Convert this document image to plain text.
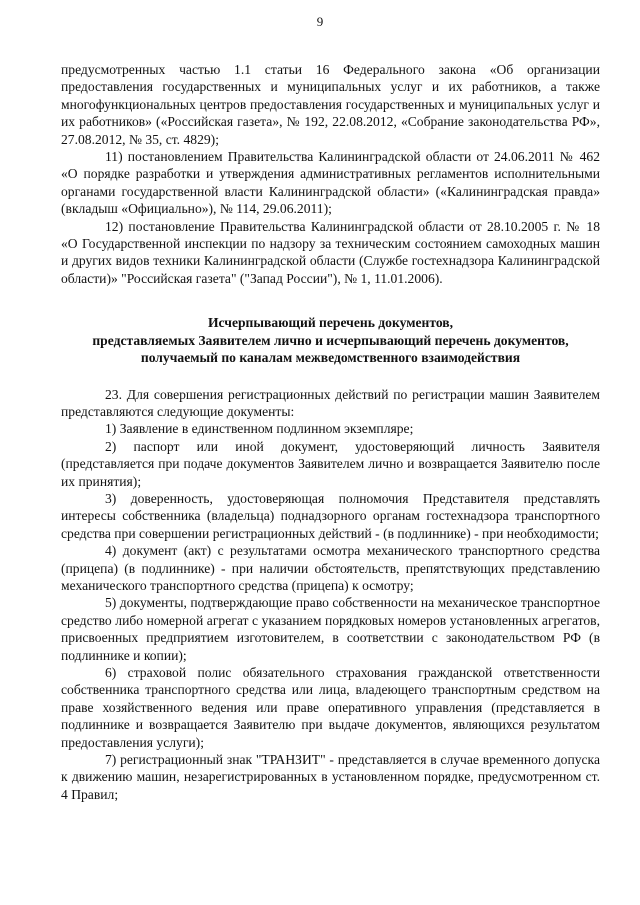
9

предусмотренных частью 1.1 статьи 16 Федерального закона «Об организации предоставления государственных и муниципальных услуг и их работников, а также многофункциональных центров предоставления государственных и муниципальных услуг и их работников» («Российская газета», № 192, 22.08.2012, «Собрание законодательства РФ», 27.08.2012, № 35, ст. 4829);

11) постановлением Правительства Калининградской области от 24.06.2011 № 462 «О порядке разработки и утверждения административных регламентов исполнительными органами государственной власти Калининградской области» («Калининградская правда» (вкладыш «Официально»), № 114, 29.06.2011);

12) постановление Правительства Калининградской области от 28.10.2005 г. № 18 «О Государственной инспекции по надзору за техническим состоянием самоходных машин и других видов техники Калининградской области (Службе гостехнадзора Калининградской области)» "Российская газета" ("Запад России"), № 1, 11.01.2006).

Исчерпывающий перечень документов,
представляемых Заявителем лично и исчерпывающий перечень документов,
получаемый по каналам межведомственного взаимодействия

23. Для совершения регистрационных действий по регистрации машин Заявителем представляются следующие документы:

1) Заявление в единственном подлинном экземпляре;

2) паспорт или иной документ, удостоверяющий личность Заявителя (представляется при подаче документов Заявителем лично и возвращается Заявителю после их принятия);

3) доверенность, удостоверяющая полномочия Представителя представлять интересы собственника (владельца) поднадзорного органам гостехнадзора транспортного средства при совершении регистрационных действий - (в подлиннике) - при необходимости;

4) документ (акт) с результатами осмотра механического транспортного средства (прицепа) (в подлиннике) - при наличии обстоятельств, препятствующих представлению механического транспортного средства (прицепа) к осмотру;

5) документы, подтверждающие право собственности на механическое транспортное средство либо номерной агрегат с указанием порядковых номеров установленных агрегатов, присвоенных предприятием изготовителем, в соответствии с законодательством РФ (в подлиннике и копии);

6) страховой полис обязательного страхования гражданской ответственности собственника транспортного средства или лица, владеющего транспортным средством на праве хозяйственного ведения или праве оперативного управления (представляется в подлиннике и возвращается Заявителю при выдаче документов, являющихся результатом предоставления услуги);

7) регистрационный знак "ТРАНЗИТ" - представляется в случае временного допуска к движению машин, незарегистрированных в установленном порядке, предусмотренном ст. 4 Правил;
